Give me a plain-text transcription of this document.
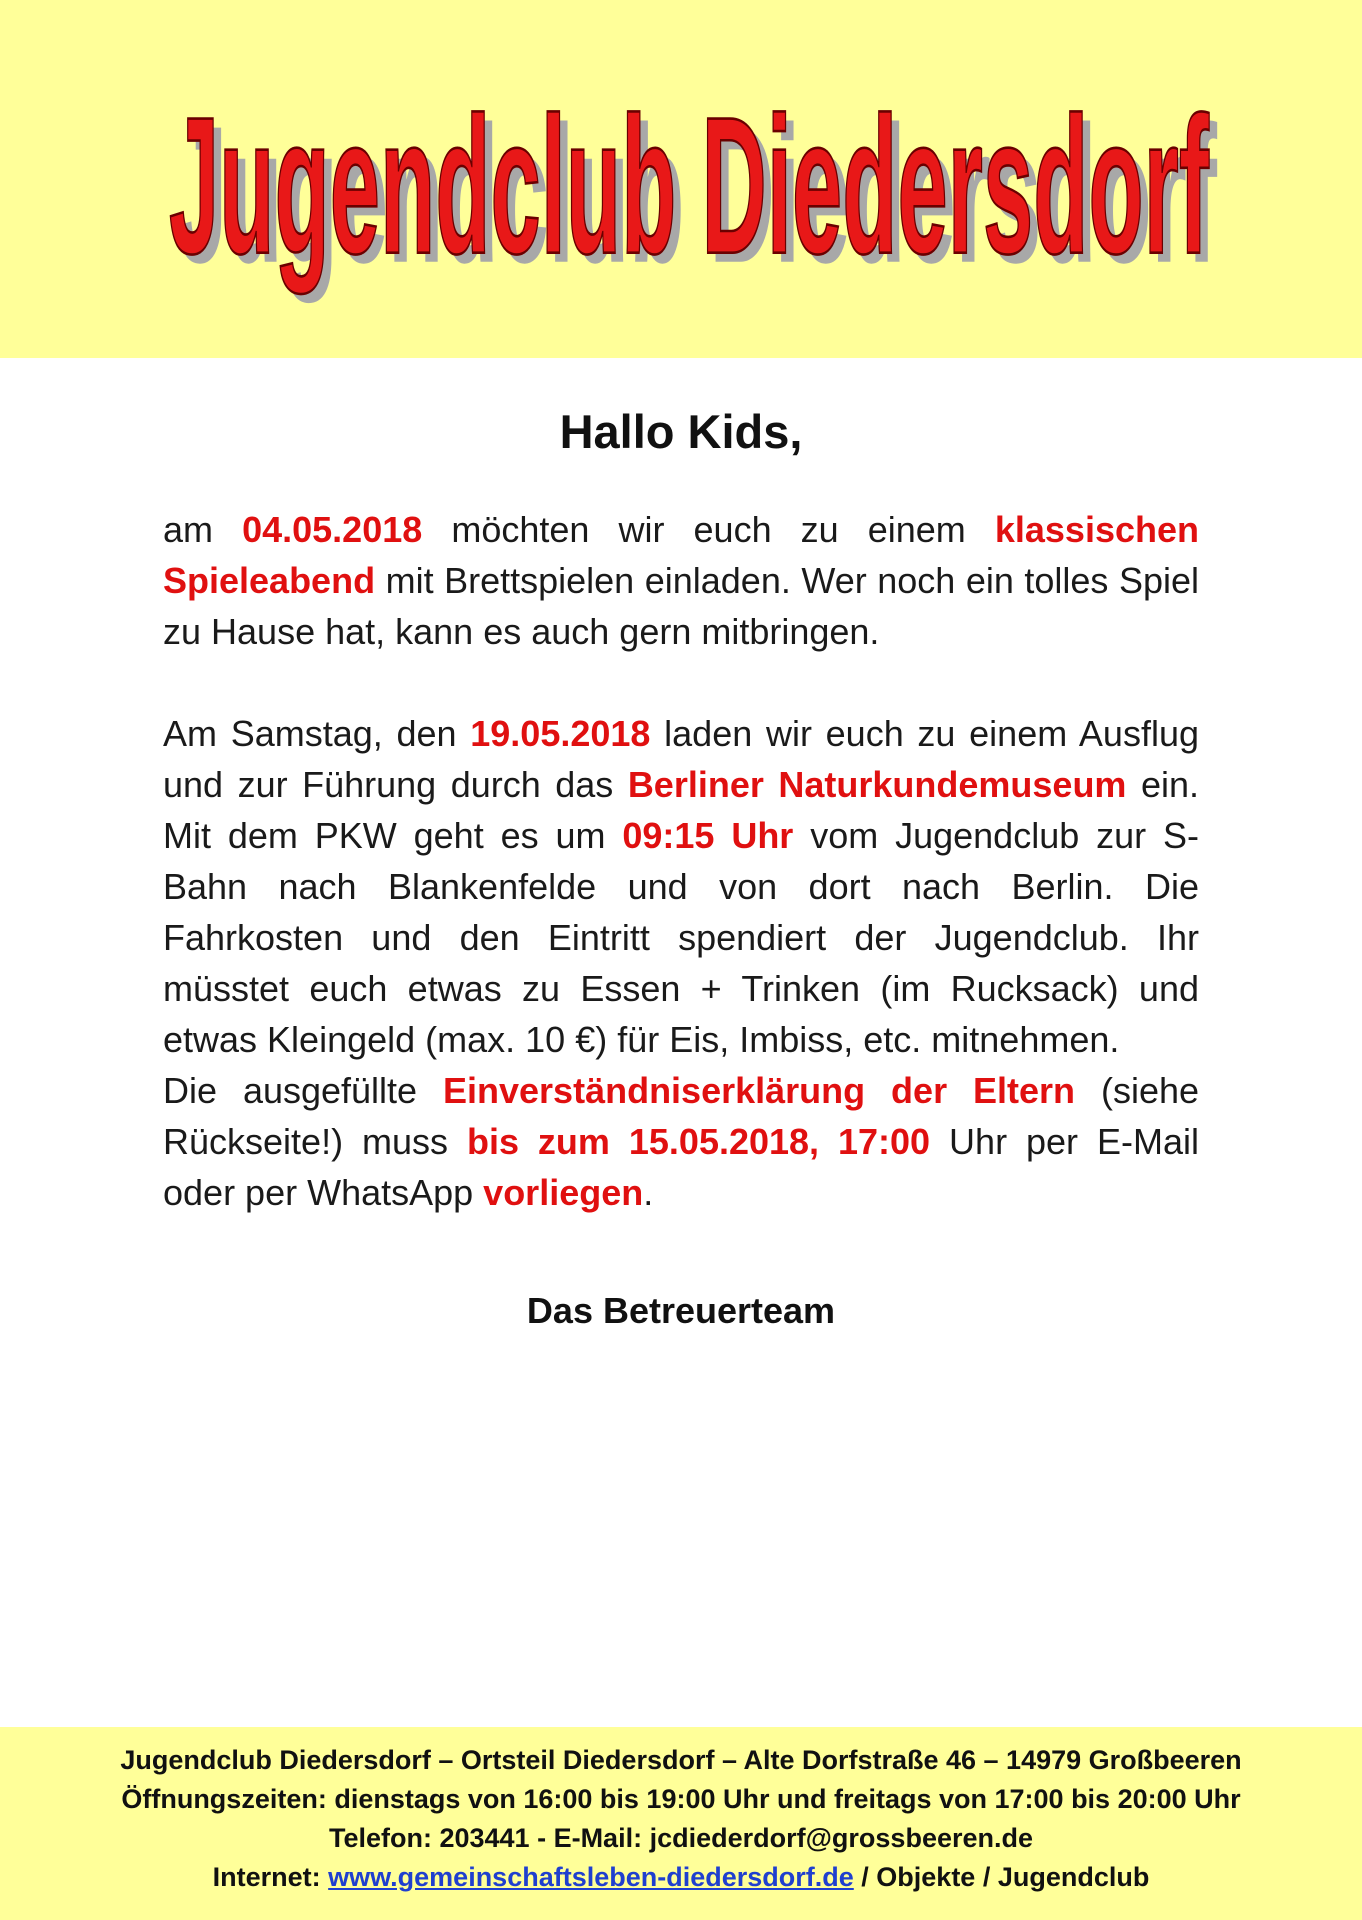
Jugendclub Diedersdorf
Jugendclub Diedersdorf
Hallo Kids,

am 04.05.2018 möchten wir euch zu einem klassischen Spieleabend mit Brettspielen einladen. Wer noch ein tolles Spiel zu Hause hat, kann es auch gern mitbringen.

Am Samstag, den 19.05.2018 laden wir euch zu einem Ausflug und zur Führung durch das Berliner Naturkundemuseum ein. Mit dem PKW geht es um 09:15 Uhr vom Jugendclub zur S-Bahn nach Blankenfelde und von dort nach Berlin. Die Fahrkosten und den Eintritt spendiert der Jugendclub. Ihr müsstet euch etwas zu Essen + Trinken (im Rucksack) und etwas Kleingeld (max. 10 €) für Eis, Imbiss, etc. mitnehmen.
Die ausgefüllte Einverständniserklärung der Eltern (siehe Rückseite!) muss bis zum 15.05.2018, 17:00 Uhr per E-Mail oder per WhatsApp vorliegen.

Das Betreuerteam
Jugendclub Diedersdorf – Ortsteil Diedersdorf – Alte Dorfstraße 46 – 14979 Großbeeren
Öffnungszeiten: dienstags von 16:00 bis 19:00 Uhr und freitags von 17:00 bis 20:00 Uhr
Telefon: 203441 - E-Mail: jcdiederdorf@grossbeeren.de
Internet: www.gemeinschaftsleben-diedersdorf.de / Objekte / Jugendclub
